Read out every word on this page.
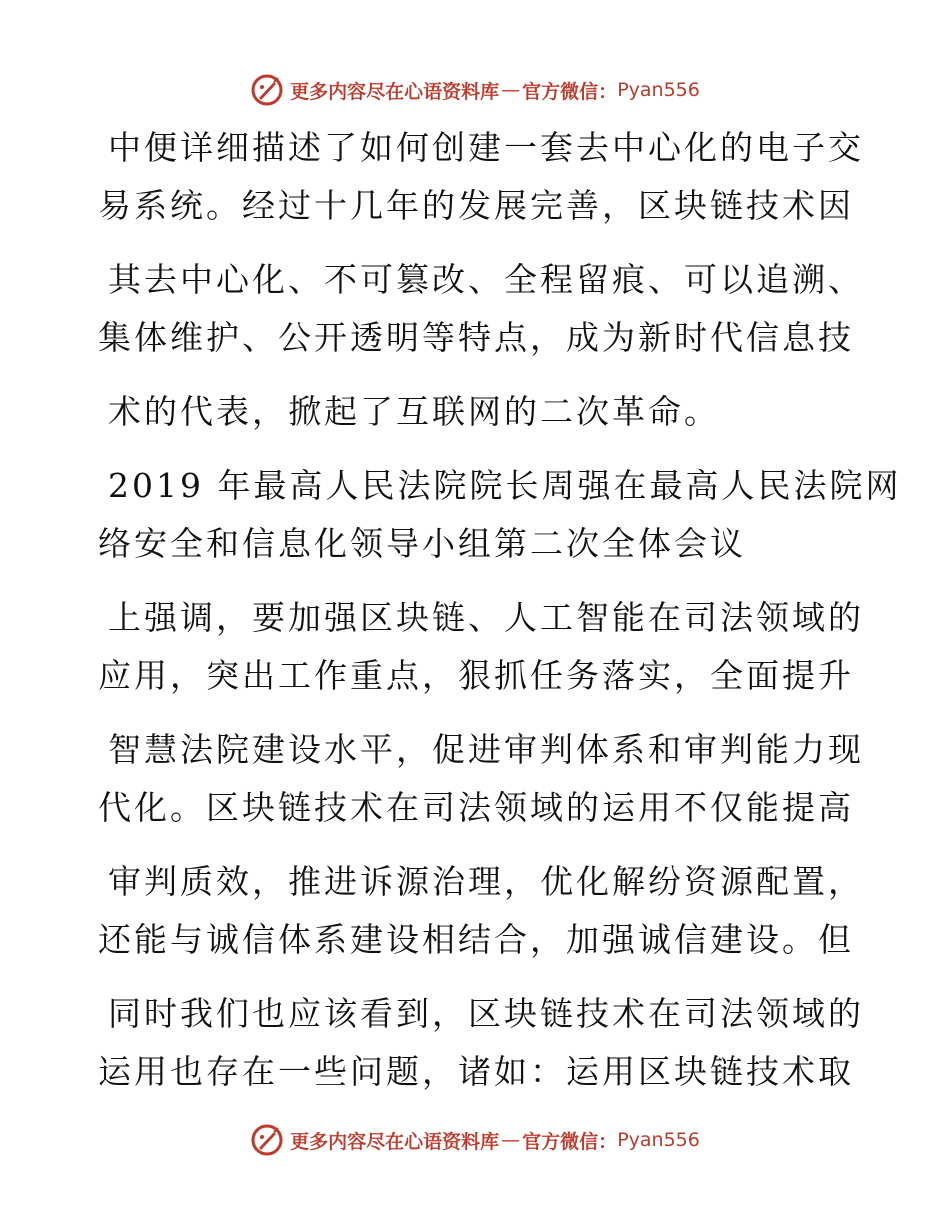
更多内容尽在心语资料库 — 官方微信： Pyan556
中便详细描述了如何创建一套去中心化的电子交
易系统。经过十几年的发展完善，区块链技术因
其去中心化、不可篡改、全程留痕、可以追溯、
集体维护、公开透明等特点，成为新时代信息技
术的代表，掀起了互联网的二次革命。
2019 年最高人民法院院长周强在最高人民法院网
络安全和信息化领导小组第二次全体会议
上强调，要加强区块链、人工智能在司法领域的
应用，突出工作重点，狠抓任务落实，全面提升
智慧法院建设水平，促进审判体系和审判能力现
代化。区块链技术在司法领域的运用不仅能提高
审判质效，推进诉源治理，优化解纷资源配置，
还能与诚信体系建设相结合，加强诚信建设。但
同时我们也应该看到，区块链技术在司法领域的
运用也存在一些问题，诸如：运用区块链技术取
更多内容尽在心语资料库 — 官方微信： Pyan556
